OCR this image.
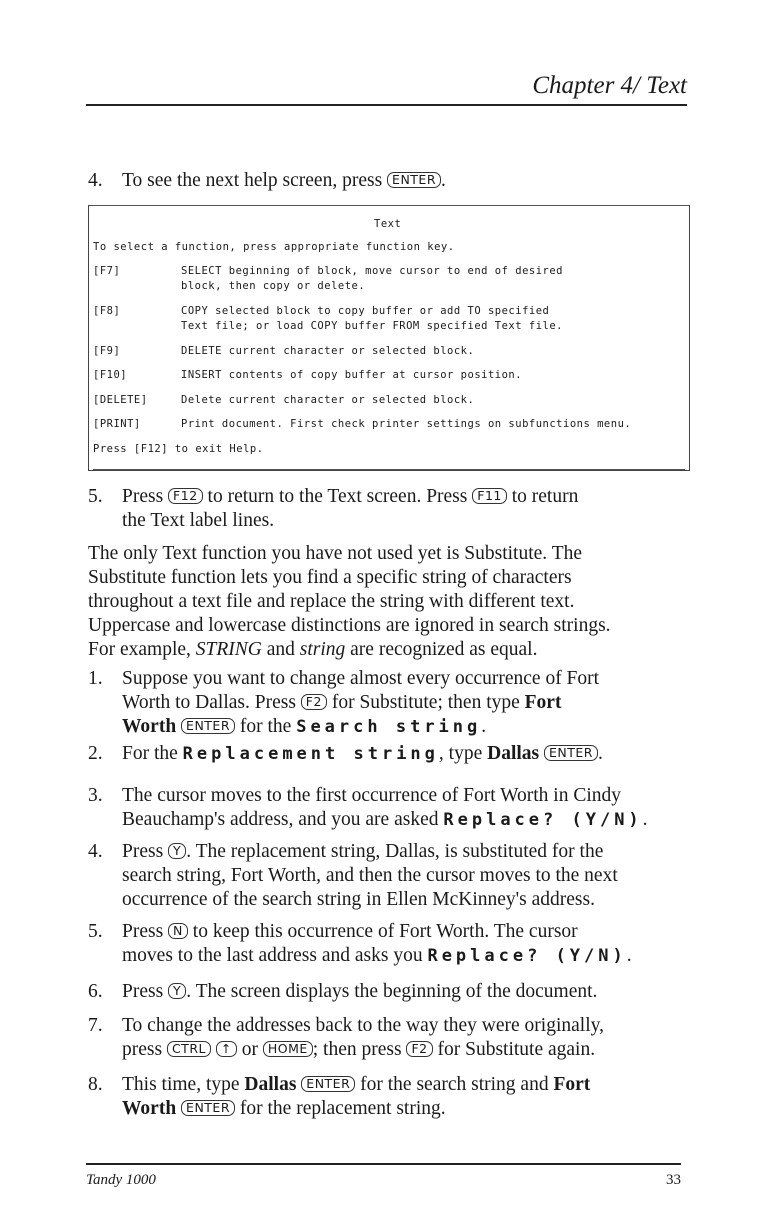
Chapter 4/ Text
4. To see the next help screen, press ENTER .
Text
To select a function, press appropriate function key.
[F7]	SELECT beginning of block, move cursor to end of desired
block, then copy or delete.
[F8]	COPY selected block to copy buffer or add TO specified
Text file; or load COPY buffer FROM specified Text file.
[F9]	DELETE current character or selected block.
[F10]	INSERT contents of copy buffer at cursor position.
[DELETE]	Delete current character or selected block.
[PRINT]	Print document. First check printer settings on subfunctions menu.
Press [F12] to exit Help.
5. Press F12 to return to the Text screen. Press F11 to return
the Text label lines.
The only Text function you have not used yet is Substitute. The
Substitute function lets you find a specific string of characters
throughout a text file and replace the string with different text.
Uppercase and lowercase distinctions are ignored in search strings.
For example, STRING and string are recognized as equal.
1. Suppose you want to change almost every occurrence of Fort
Worth to Dallas. Press F2 for Substitute; then type Fort
Worth ENTER for the Search string.
2. For the Replacement string, type Dallas ENTER .
3. The cursor moves to the first occurrence of Fort Worth in Cindy
Beauchamp's address, and you are asked Replace? (Y/N).
4. Press Y . The replacement string, Dallas, is substituted for the
search string, Fort Worth, and then the cursor moves to the next
occurrence of the search string in Ellen McKinney's address.
5. Press N to keep this occurrence of Fort Worth. The cursor
moves to the last address and asks you Replace? (Y/N).
6. Press Y . The screen displays the beginning of the document.
7. To change the addresses back to the way they were originally,
press CTRL ↑ or HOME ; then press F2 for Substitute again.
8. This time, type Dallas ENTER for the search string and Fort
Worth ENTER for the replacement string.
Tandy 1000	33
